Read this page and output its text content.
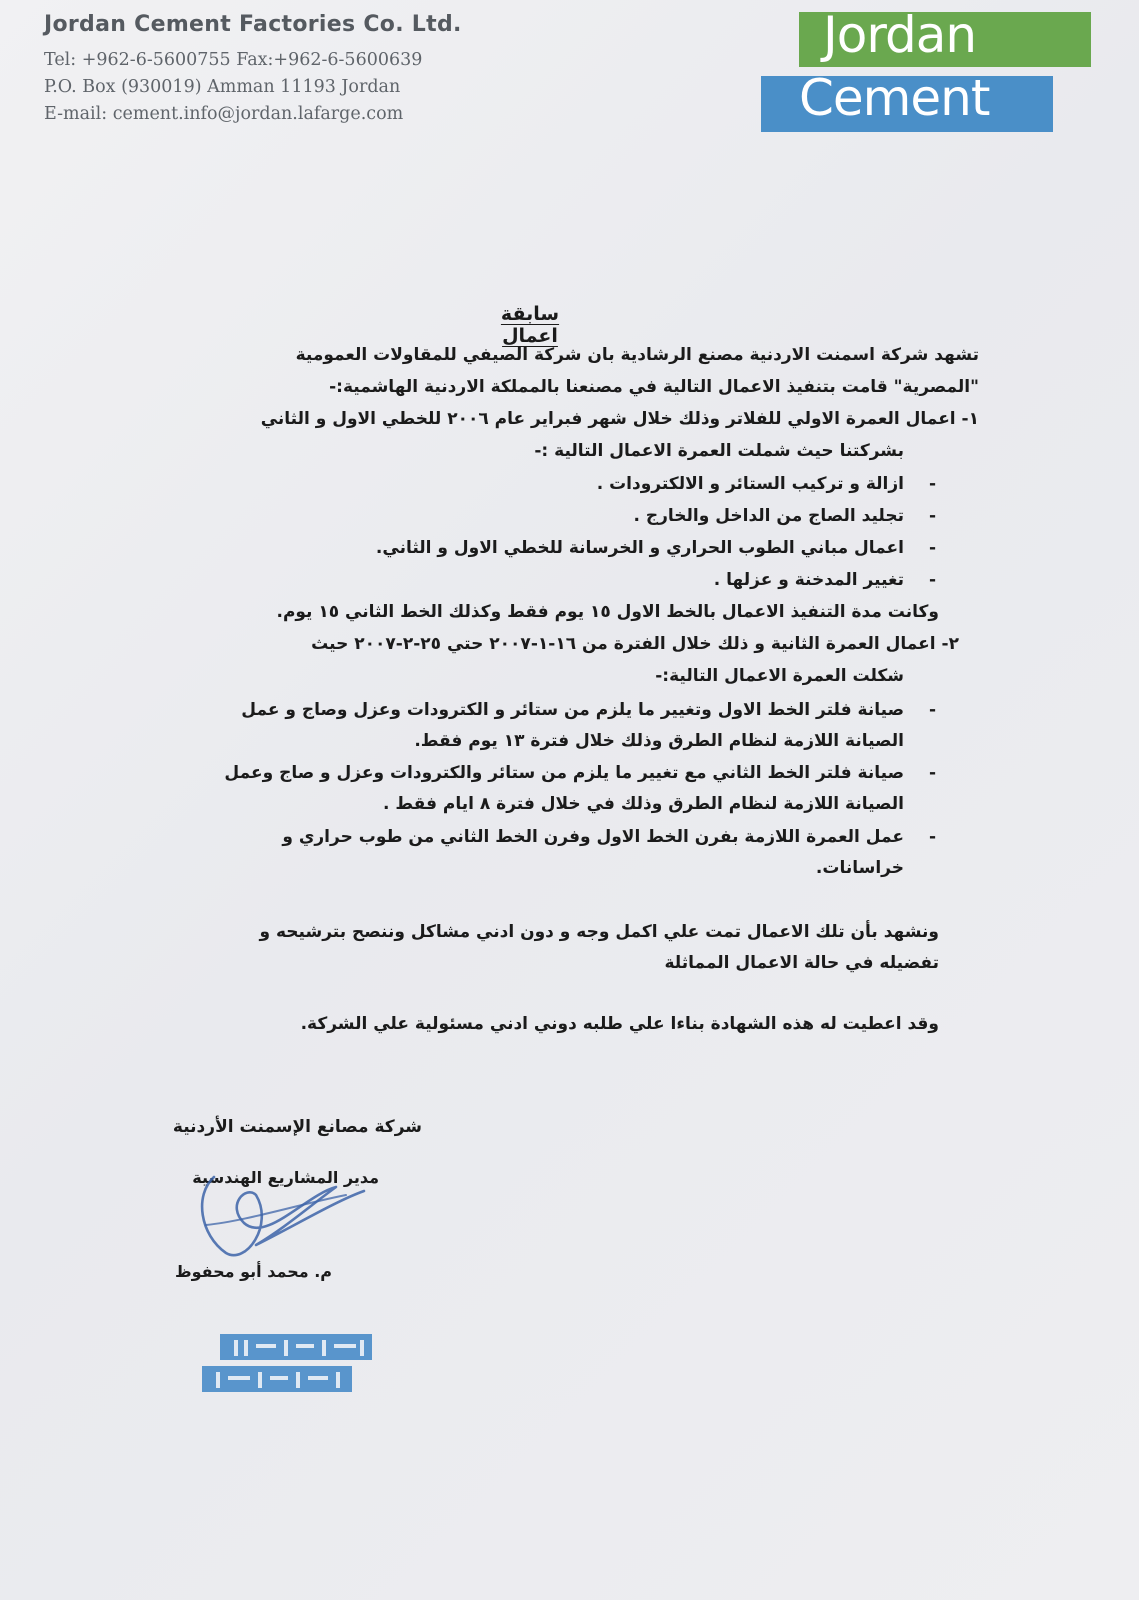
Jordan Cement Factories Co. Ltd.
Tel: +962-6-5600755 Fax:+962-6-5600639
P.O. Box (930019) Amman 11193 Jordan
E-mail: cement.info@jordan.lafarge.com
Jordan
Cement
سابقة اعمال
تشهد شركة اسمنت الاردنية مصنع الرشادية بان شركة الصيفي للمقاولات العمومية
"المصرية" قامت بتنفيذ الاعمال التالية في مصنعنا بالمملكة الاردنية الهاشمية:-
١- اعمال العمرة الاولي للفلاتر وذلك خلال شهر فبراير عام ٢٠٠٦ للخطي الاول و الثاني
بشركتنا حيث شملت العمرة الاعمال التالية :-
-
ازالة و تركيب الستائر و الالكترودات .
-
تجليد الصاج من الداخل والخارج .
-
اعمال مباني الطوب الحراري و الخرسانة للخطي الاول و الثاني.
-
تغيير المدخنة و عزلها .
وكانت مدة التنفيذ الاعمال بالخط الاول ١٥ يوم فقط وكذلك الخط الثاني ١٥ يوم.
٢- اعمال العمرة الثانية و ذلك خلال الفترة من ١٦-١-٢٠٠٧ حتي ٢٥-٢-٢٠٠٧ حيث
شكلت العمرة الاعمال التالية:-
-
صيانة فلتر الخط الاول وتغيير ما يلزم من ستائر و الكترودات وعزل وصاج و عمل
الصيانة اللازمة لنظام الطرق وذلك خلال فترة ١٣ يوم فقط.
-
صيانة فلتر الخط الثاني مع تغيير ما يلزم من ستائر والكترودات وعزل و صاج وعمل
الصيانة اللازمة لنظام الطرق وذلك في خلال فترة ٨ ايام فقط .
-
عمل العمرة اللازمة بفرن الخط الاول وفرن الخط الثاني من طوب حراري و
خراسانات.
ونشهد بأن تلك الاعمال تمت علي اكمل وجه و دون ادني مشاكل وننصح بترشيحه و
تفضيله في حالة الاعمال المماثلة
وقد اعطيت له هذه الشهادة بناءا علي طلبه دوني ادني مسئولية علي الشركة.
شركة مصانع الإسمنت الأردنية
مدير المشاريع الهندسية
م. محمد أبو محفوظ
